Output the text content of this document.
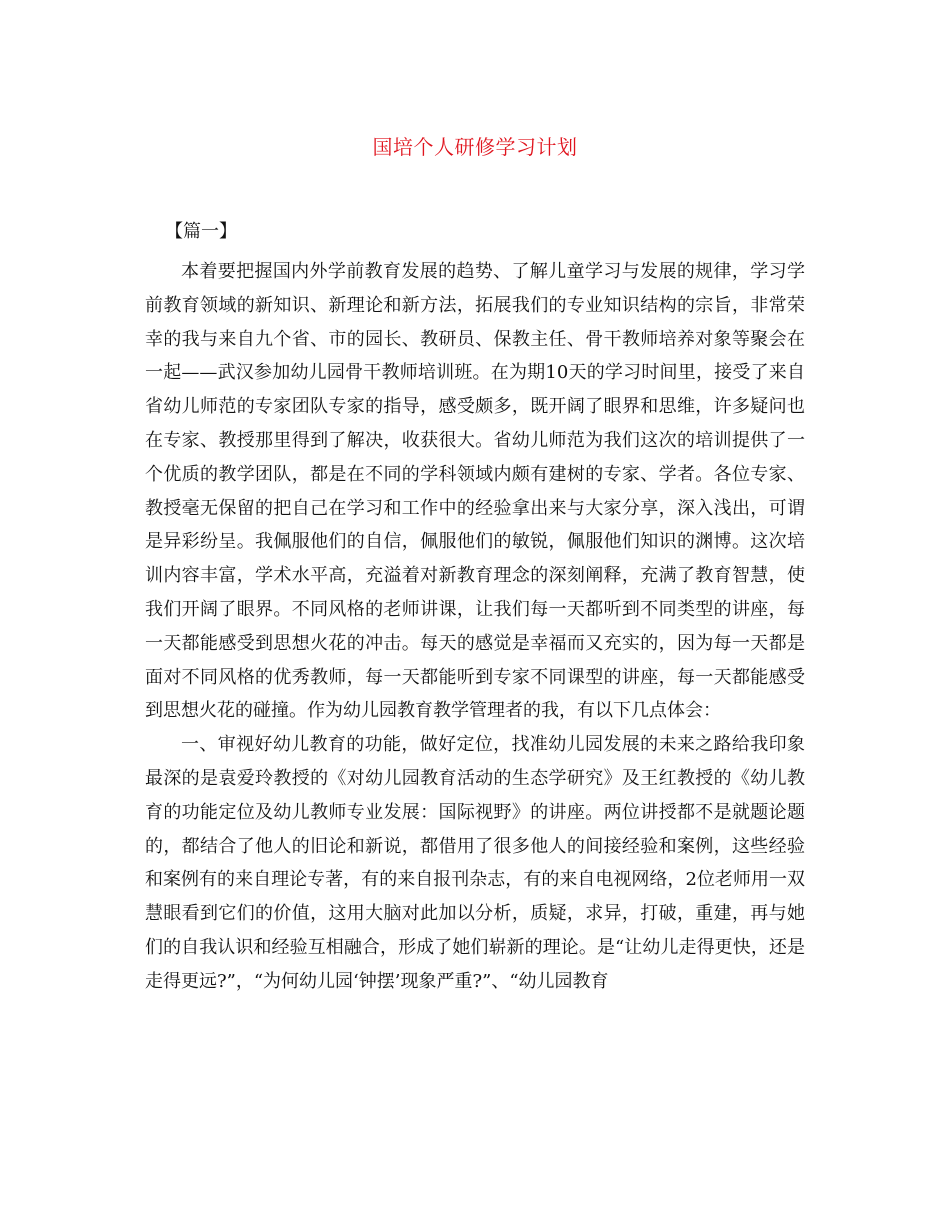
国培个人研修学习计划
【篇一】

本着要把握国内外学前教育发展的趋势、了解儿童学习与发展的规律，学习学前教育领域的新知识、新理论和新方法，拓展我们的专业知识结构的宗旨，非常荣幸的我与来自九个省、市的园长、教研员、保教主任、骨干教师培养对象等聚会在一起——武汉参加幼儿园骨干教师培训班。在为期10天的学习时间里，接受了来自省幼儿师范的专家团队专家的指导，感受颇多，既开阔了眼界和思维，许多疑问也在专家、教授那里得到了解决，收获很大。省幼儿师范为我们这次的培训提供了一个优质的教学团队，都是在不同的学科领域内颇有建树的专家、学者。各位专家、教授毫无保留的把自己在学习和工作中的经验拿出来与大家分享，深入浅出，可谓是异彩纷呈。我佩服他们的自信，佩服他们的敏锐，佩服他们知识的渊博。这次培训内容丰富，学术水平高，充溢着对新教育理念的深刻阐释，充满了教育智慧，使我们开阔了眼界。不同风格的老师讲课，让我们每一天都听到不同类型的讲座，每一天都能感受到思想火花的冲击。每天的感觉是幸福而又充实的，因为每一天都是面对不同风格的优秀教师，每一天都能听到专家不同课型的讲座，每一天都能感受到思想火花的碰撞。作为幼儿园教育教学管理者的我，有以下几点体会：

一、审视好幼儿教育的功能，做好定位，找准幼儿园发展的未来之路给我印象最深的是袁爱玲教授的《对幼儿园教育活动的生态学研究》及王红教授的《幼儿教育的功能定位及幼儿教师专业发展：国际视野》的讲座。两位讲授都不是就题论题的，都结合了他人的旧论和新说，都借用了很多他人的间接经验和案例，这些经验和案例有的来自理论专著，有的来自报刊杂志，有的来自电视网络，2位老师用一双慧眼看到它们的价值，这用大脑对此加以分析，质疑，求异，打破，重建，再与她们的自我认识和经验互相融合，形成了她们崭新的理论。是“让幼儿走得更快，还是走得更远?”，“为何幼儿园‘钟摆’现象严重?”、“幼儿园教育
